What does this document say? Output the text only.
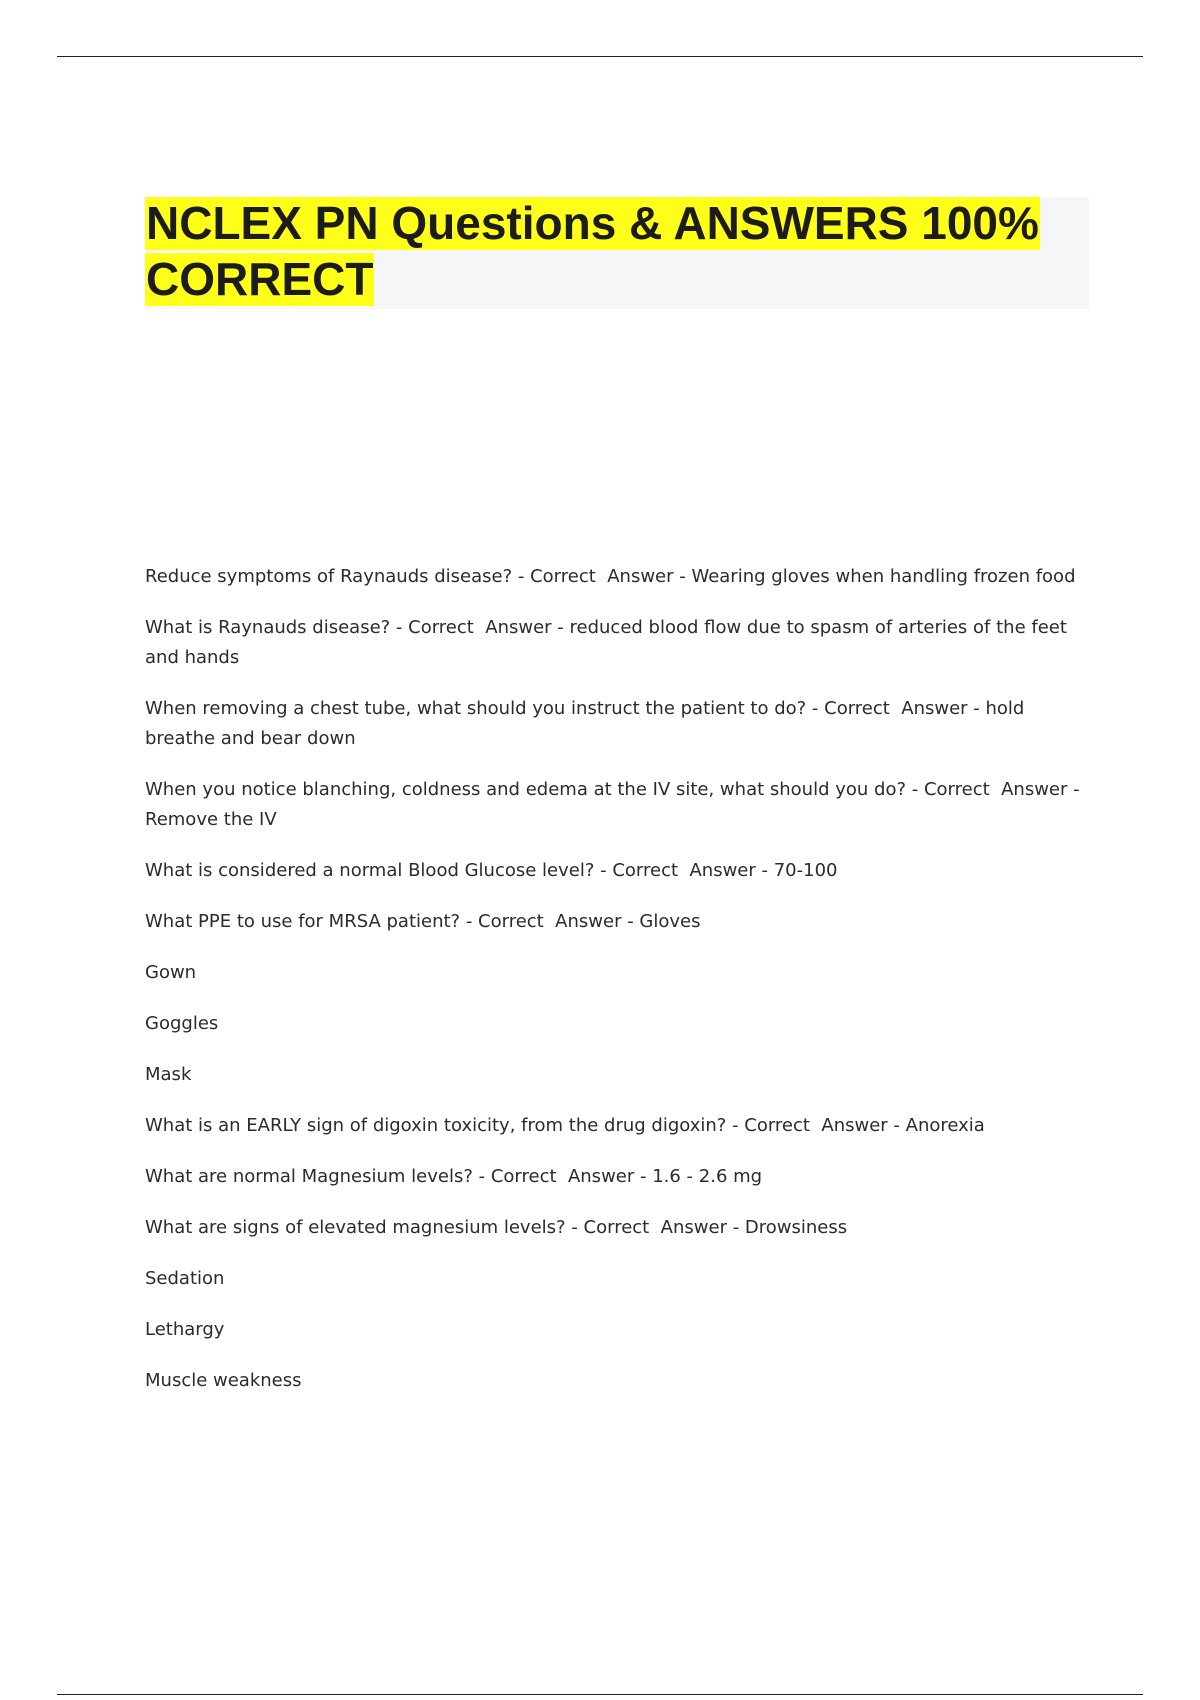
NCLEX PN Questions & ANSWERS 100%
CORRECT

Reduce symptoms of Raynauds disease? - Correct  Answer - Wearing gloves when handling frozen food

What is Raynauds disease? - Correct  Answer - reduced blood flow due to spasm of arteries of the feet and hands

When removing a chest tube, what should you instruct the patient to do? - Correct  Answer - hold breathe and bear down

When you notice blanching, coldness and edema at the IV site, what should you do? - Correct  Answer - Remove the IV

What is considered a normal Blood Glucose level? - Correct  Answer - 70-100

What PPE to use for MRSA patient? - Correct  Answer - Gloves

Gown

Goggles

Mask

What is an EARLY sign of digoxin toxicity, from the drug digoxin? - Correct  Answer - Anorexia

What are normal Magnesium levels? - Correct  Answer - 1.6 - 2.6 mg

What are signs of elevated magnesium levels? - Correct  Answer - Drowsiness

Sedation

Lethargy

Muscle weakness
